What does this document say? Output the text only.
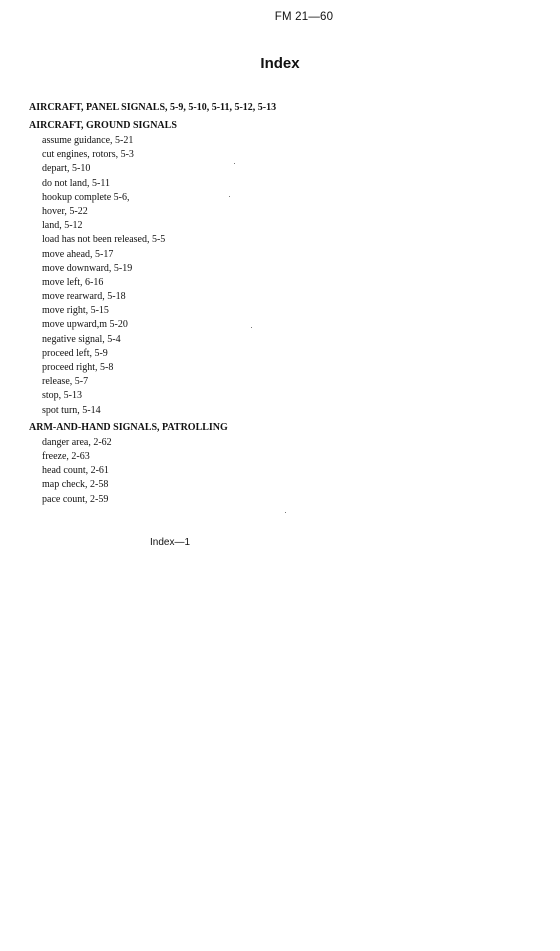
FM 21—60
Index
AIRCRAFT, PANEL SIGNALS, 5-9, 5-10, 5-11, 5-12, 5-13
AIRCRAFT, GROUND SIGNALS
assume guidance, 5-21
cut engines, rotors, 5-3
depart, 5-10
do not land, 5-11
hookup complete 5-6,
hover, 5-22
land, 5-12
load has not been released, 5-5
move ahead, 5-17
move downward, 5-19
move left, 6-16
move rearward, 5-18
move right, 5-15
move upward,m 5-20
negative signal, 5-4
proceed left, 5-9
proceed right, 5-8
release, 5-7
stop, 5-13
spot turn, 5-14
ARM-AND-HAND SIGNALS, PATROLLING
danger area, 2-62
freeze, 2-63
head count, 2-61
map check, 2-58
pace count, 2-59
Index—1
